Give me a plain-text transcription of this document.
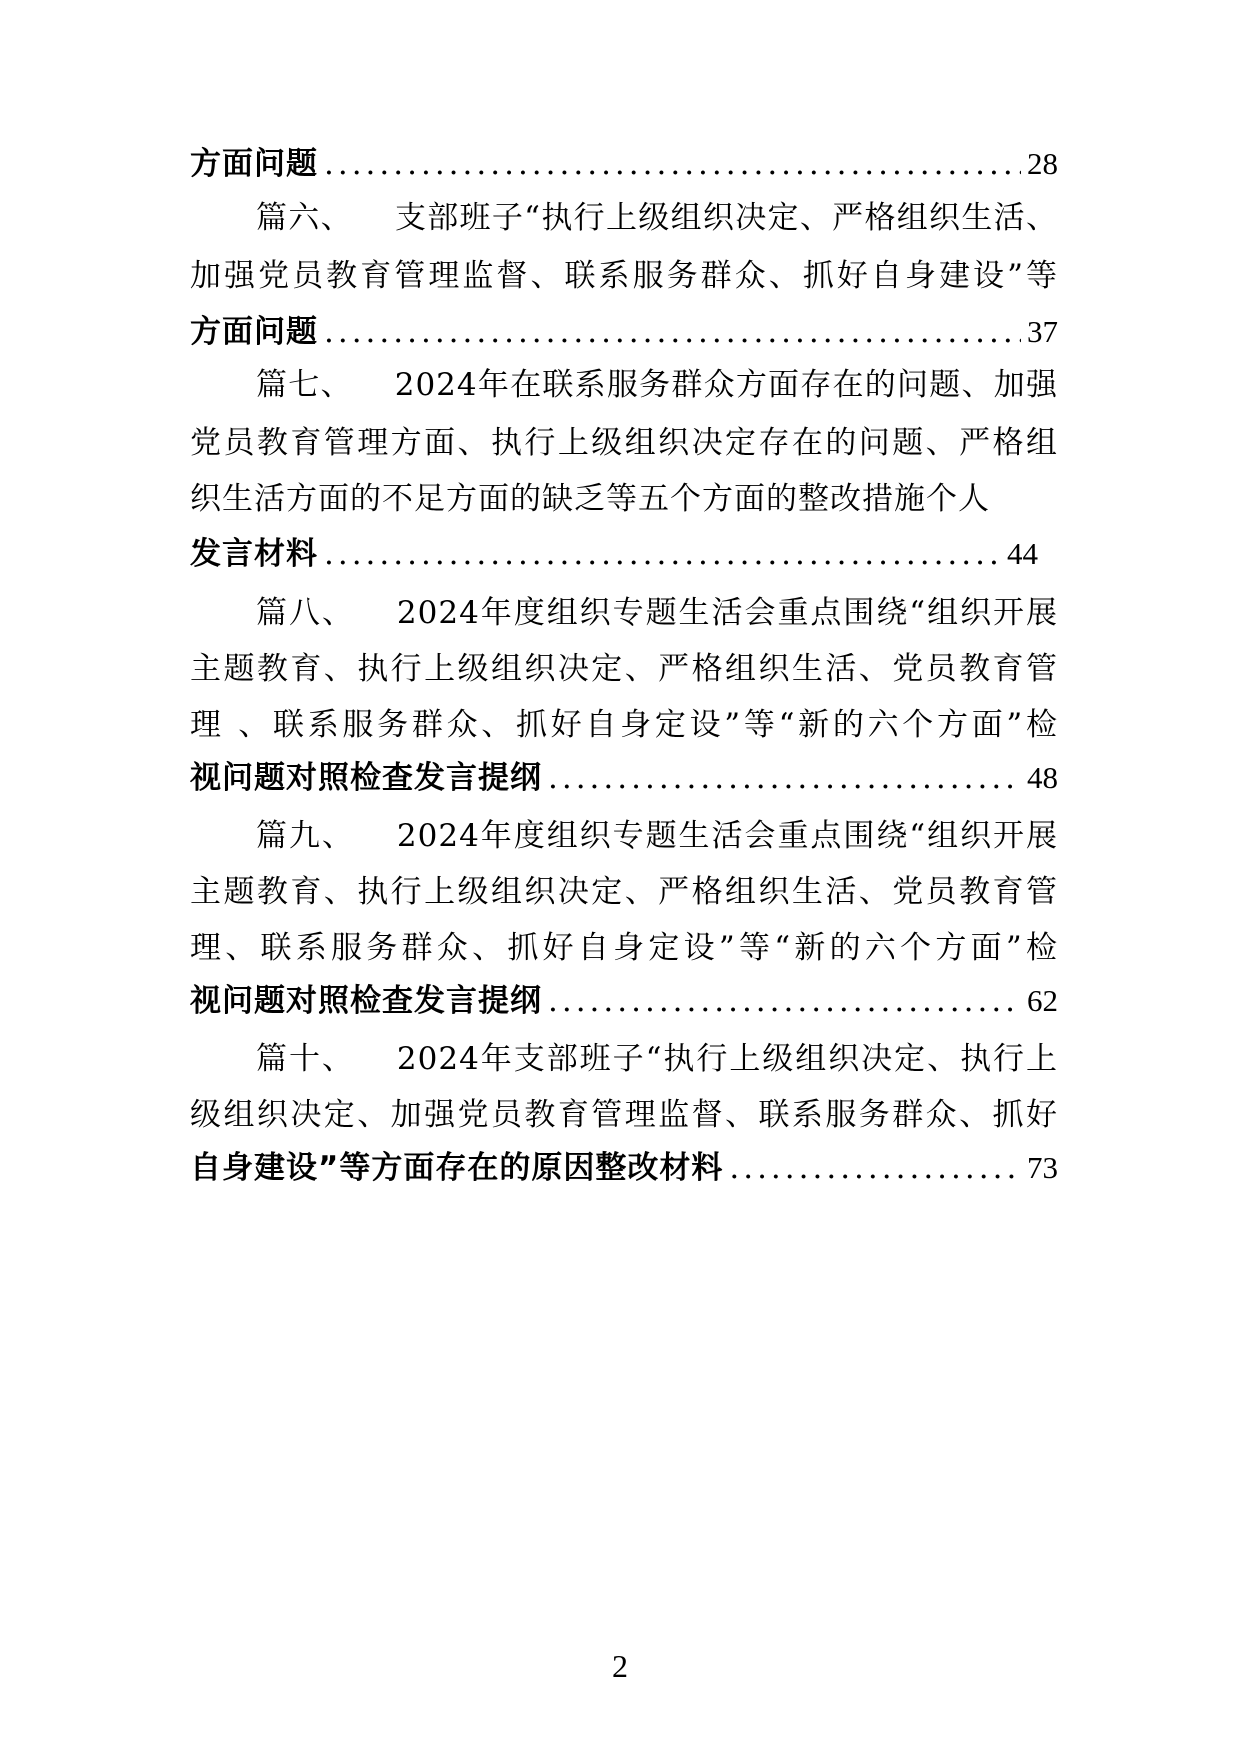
方面问题 .....	28
篇六、 支部班子“执行上级组织决定、严格组织生活、
加强党员教育管理监督、联系服务群众、抓好自身建设”等
方面问题 .....	37
篇七、 2024年在联系服务群众方面存在的问题、加强
党员教育管理方面、执行上级组织决定存在的问题、严格组
织生活方面的不足方面的缺乏等五个方面的整改措施个人
发言材料 .....	44
篇八、 2024年度组织专题生活会重点围绕“组织开展
主题教育、执行上级组织决定、严格组织生活、党员教育管
理 、联系服务群众、抓好自身定设”等“新的六个方面”检
视问题对照检查发言提纲 .....	48
篇九、 2024年度组织专题生活会重点围绕“组织开展
主题教育、执行上级组织决定、严格组织生活、党员教育管
理、联系服务群众、抓好自身定设”等“新的六个方面”检
视问题对照检查发言提纲 .....	62
篇十、 2024年支部班子“执行上级组织决定、执行上
级组织决定、加强党员教育管理监督、联系服务群众、抓好
自身建设”等方面存在的原因整改材料 .....	73
2
